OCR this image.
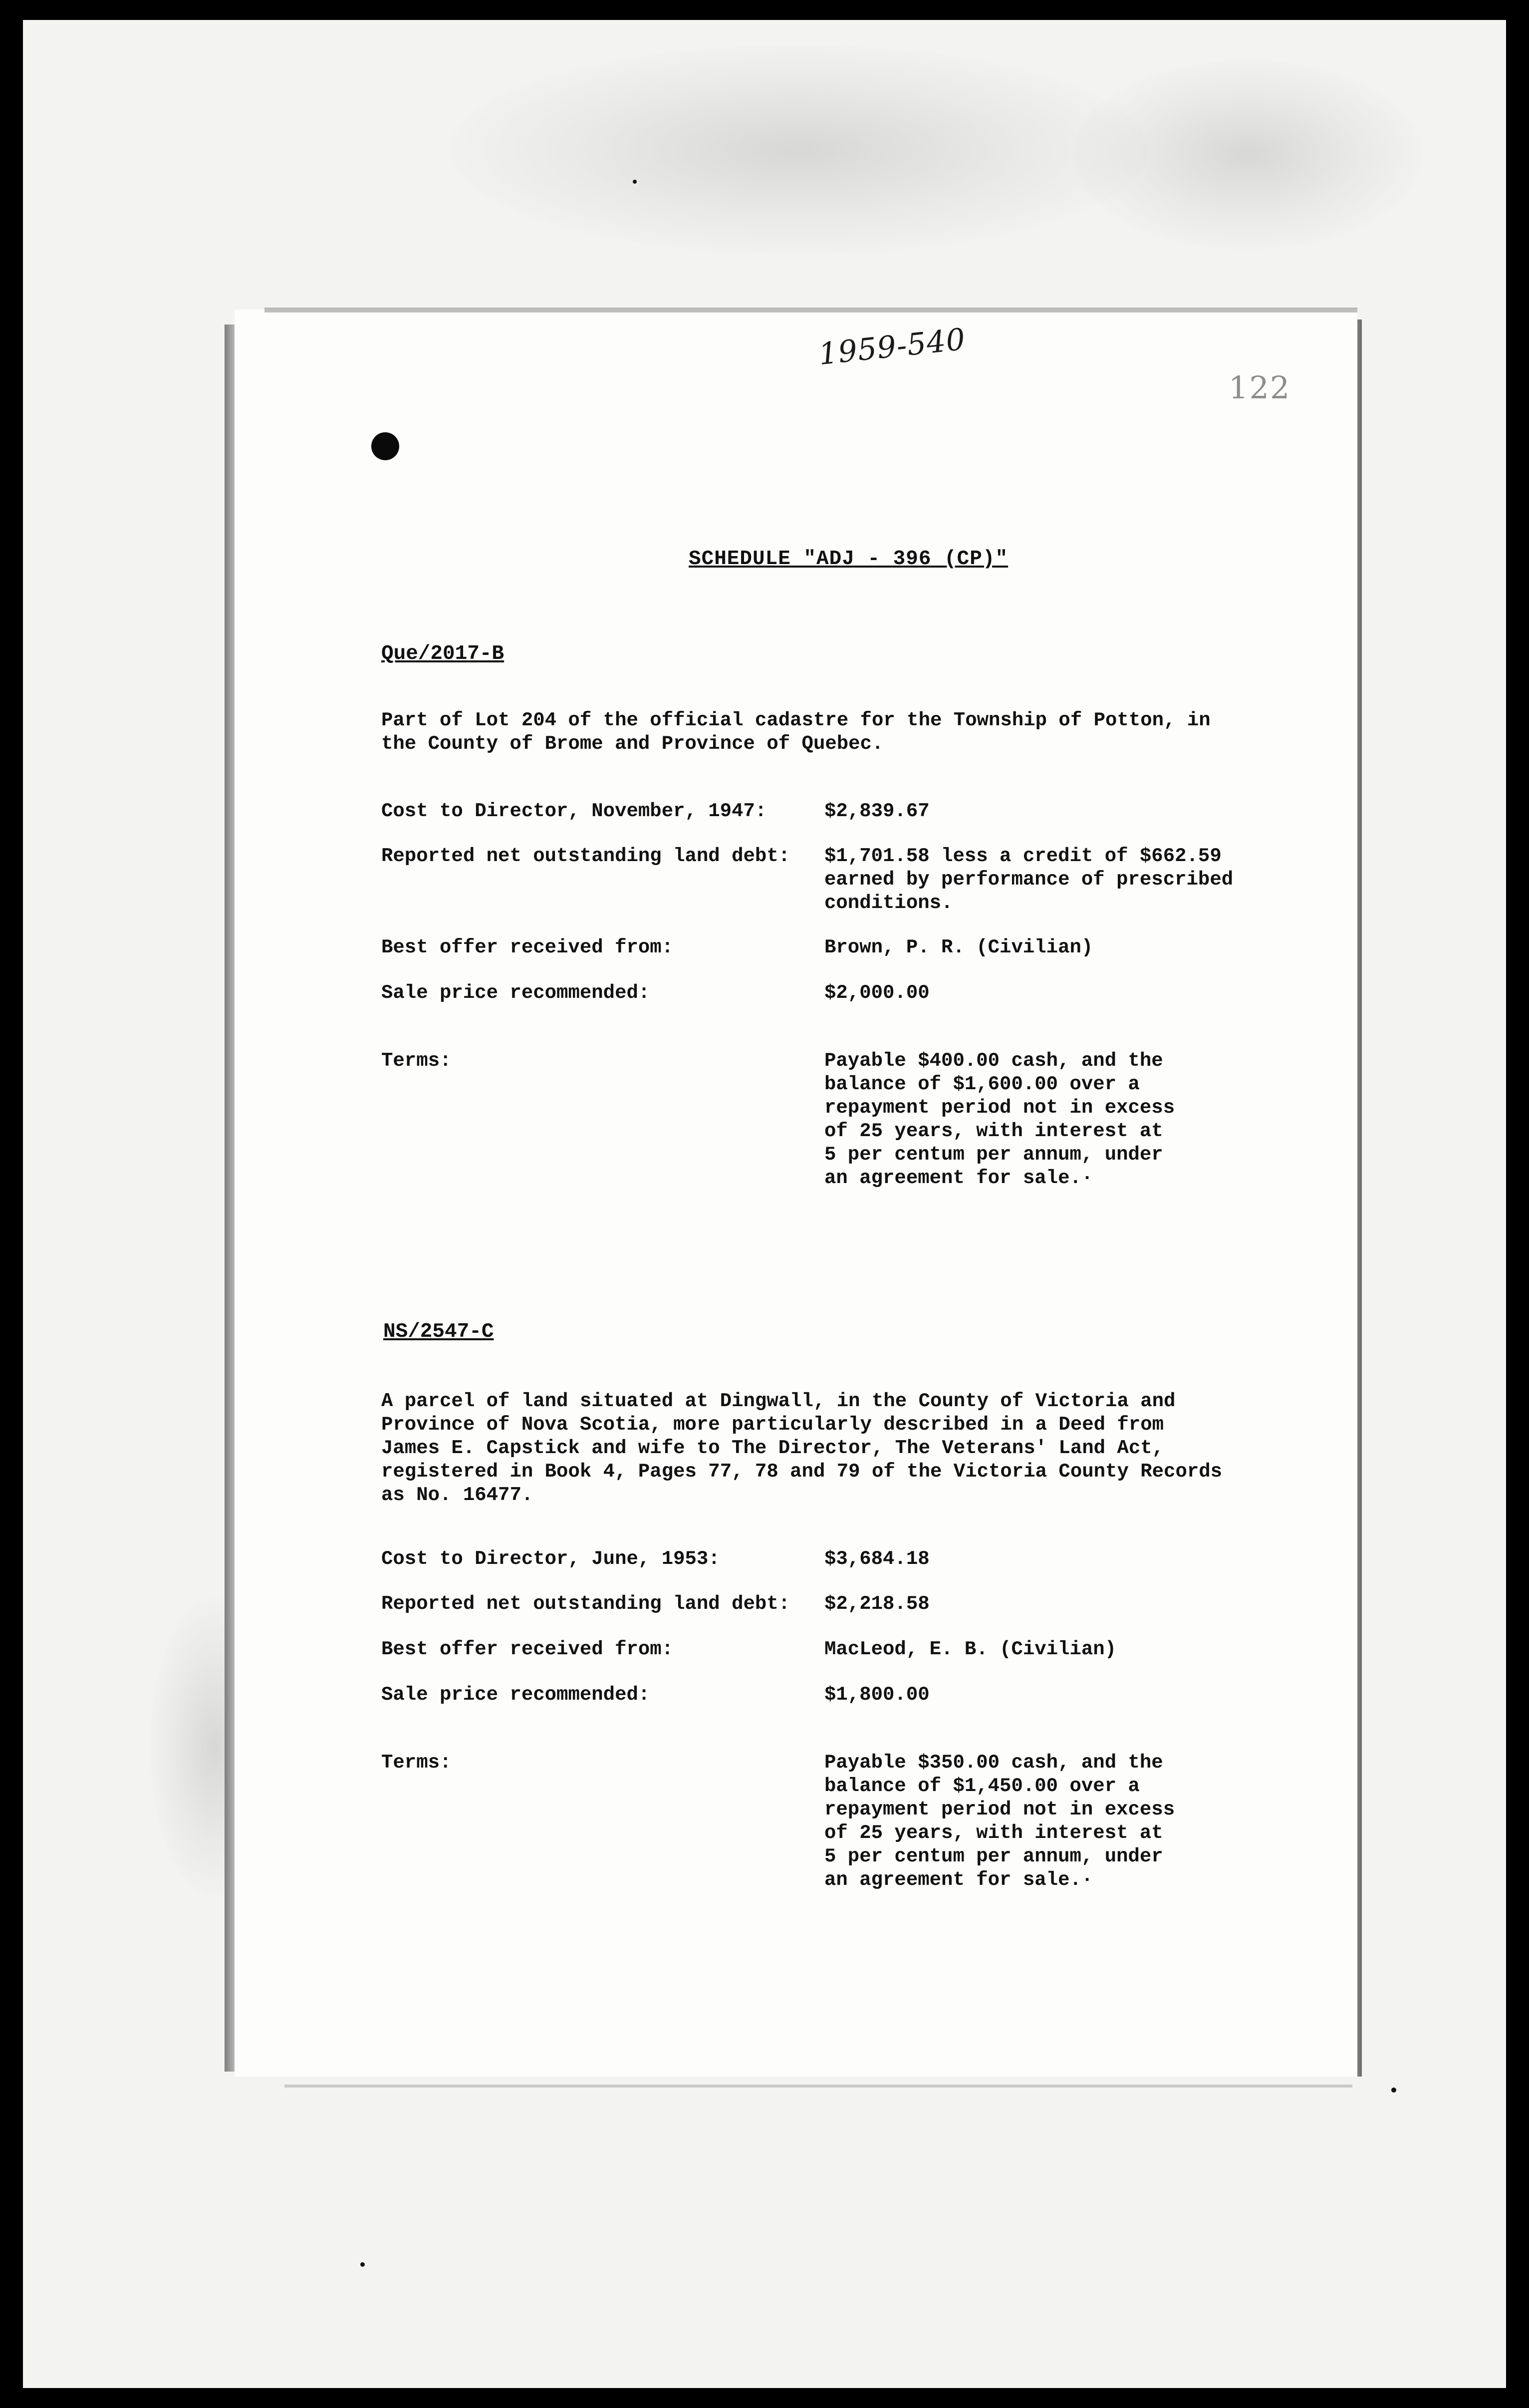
1959-540
122
SCHEDULE "ADJ - 396 (CP)"
Que/2017-B
Part of Lot 204 of the official cadastre for the Township of Potton, in
the County of Brome and Province of Quebec.
Cost to Director, November, 1947:	$2,839.67
Reported net outstanding land debt: $1,701.58 less a credit of $662.59
earned by performance of prescribed
conditions.
Best offer received from:	Brown, P. R. (Civilian)
Sale price recommended:	$2,000.00
Terms:	Payable $400.00 cash, and the
balance of $1,600.00 over a
repayment period not in excess
of 25 years, with interest at
5 per centum per annum, under
an agreement for sale.·
NS/2547-C
A parcel of land situated at Dingwall, in the County of Victoria and
Province of Nova Scotia, more particularly described in a Deed from
James E. Capstick and wife to The Director, The Veterans' Land Act,
registered in Book 4, Pages 77, 78 and 79 of the Victoria County Records
as No. 16477.
Cost to Director, June, 1953:	$3,684.18
Reported net outstanding land debt: $2,218.58
Best offer received from:	MacLeod, E. B. (Civilian)
Sale price recommended:	$1,800.00
Terms:	Payable $350.00 cash, and the
balance of $1,450.00 over a
repayment period not in excess
of 25 years, with interest at
5 per centum per annum, under
an agreement for sale.·
